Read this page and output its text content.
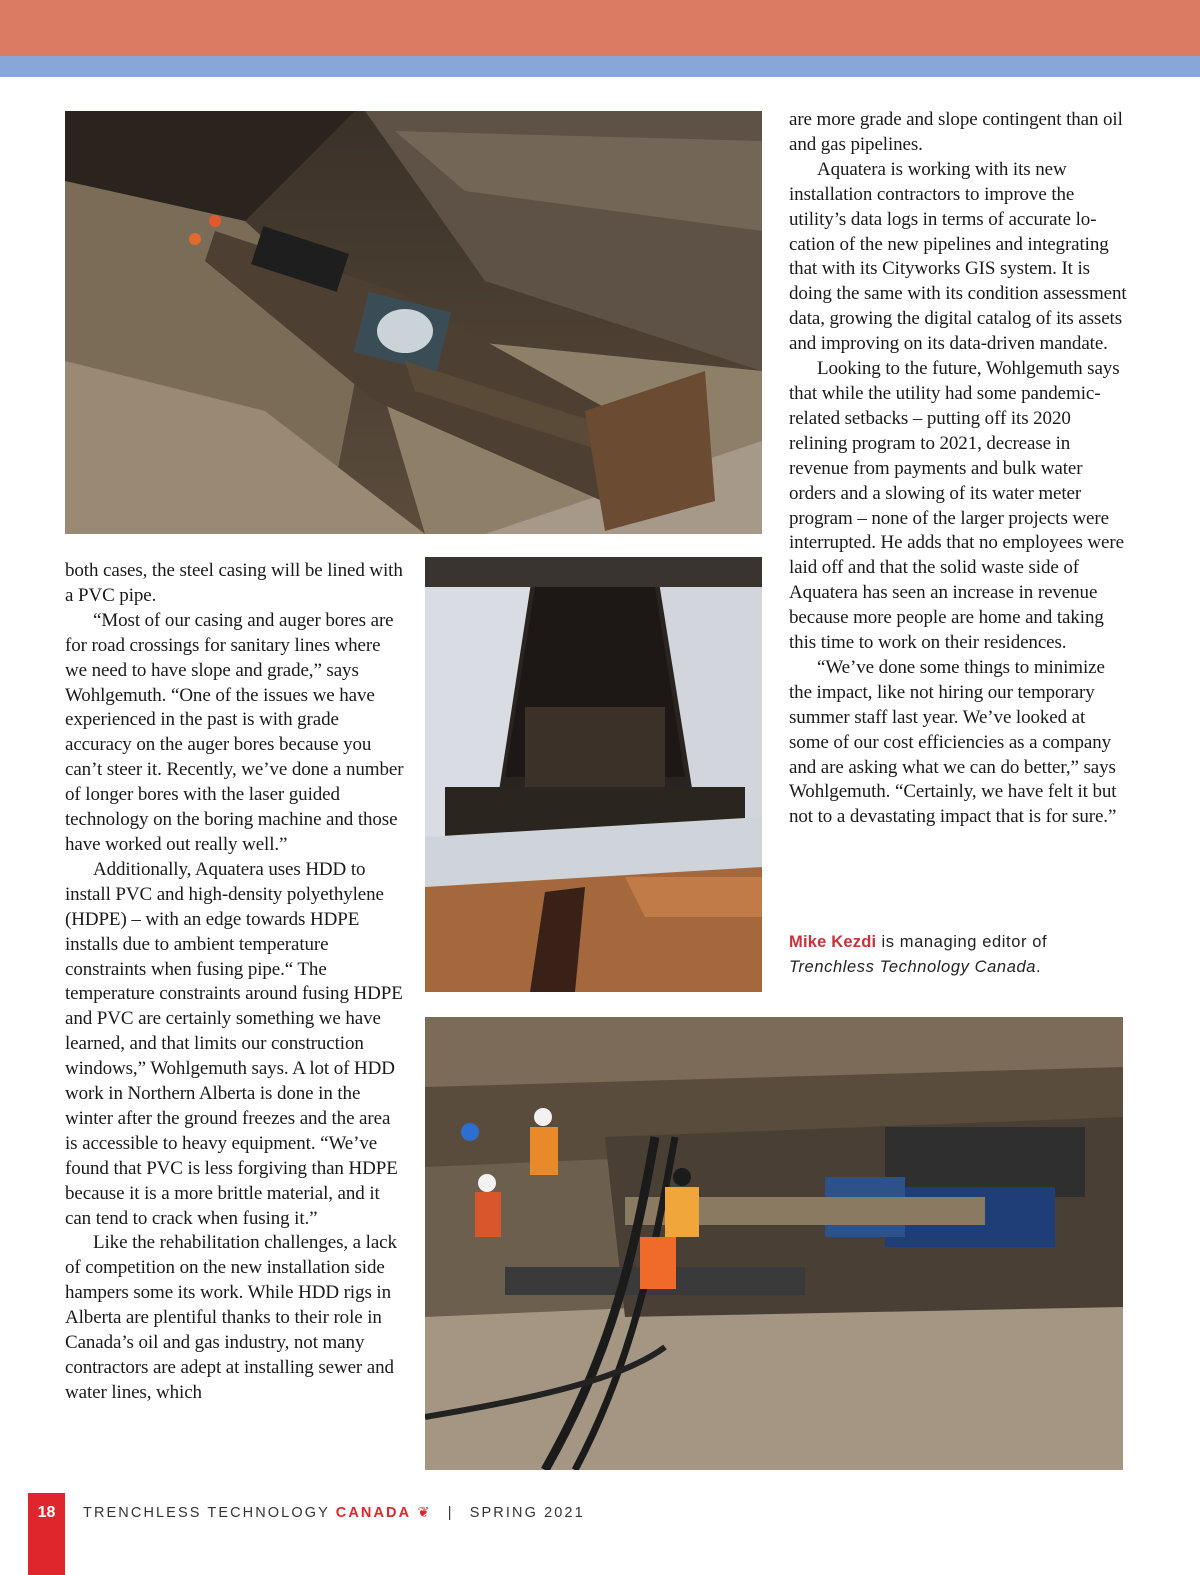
both cases, the steel casing will be lined with a PVC pipe.

“Most of our casing and auger bores are for road crossings for sanitary lines where we need to have slope and grade,” says Wohlgemuth. “One of the issues we have experienced in the past is with grade accuracy on the auger bores because you can’t steer it. Recently, we’ve done a number of longer bores with the laser guided technology on the boring machine and those have worked out really well.”

Additionally, Aquatera uses HDD to install PVC and high-density polyethylene (HDPE) – with an edge towards HDPE installs due to ambient temperature constraints when fusing pipe.“ The temperature constraints around fusing HDPE and PVC are certainly something we have learned, and that limits our construction windows,” Wohlgemuth says. A lot of HDD work in Northern Alberta is done in the winter after the ground freezes and the area is accessible to heavy equipment. “We’ve found that PVC is less forgiving than HDPE because it is a more brittle material, and it can tend to crack when fusing it.”

Like the rehabilitation challenges, a lack of competition on the new installation side hampers some its work. While HDD rigs in Alberta are plentiful thanks to their role in Canada’s oil and gas industry, not many contractors are adept at installing sewer and water lines, which

are more grade and slope contingent than oil and gas pipelines.

Aquatera is working with its new installation contractors to improve the utility’s data logs in terms of accurate location of the new pipelines and integrating that with its Cityworks GIS system. It is doing the same with its condition assessment data, growing the digital catalog of its assets and improving on its data-driven mandate.

Looking to the future, Wohlgemuth says that while the utility had some pandemic-related setbacks – putting off its 2020 relining program to 2021, decrease in revenue from payments and bulk water orders and a slowing of its water meter program – none of the larger projects were interrupted. He adds that no employees were laid off and that the solid waste side of Aquatera has seen an increase in revenue because more people are home and taking this time to work on their residences.

“We’ve done some things to minimize the impact, like not hiring our temporary summer staff last year. We’ve looked at some of our cost efficiencies as a company and are asking what we can do better,” says Wohlgemuth. “Certainly, we have felt it but not to a devastating impact that is for sure.”

Mike Kezdi is managing editor of
Trenchless Technology Canada.
18	TRENCHLESS TECHNOLOGY CANADA ❦ | SPRING 2021
